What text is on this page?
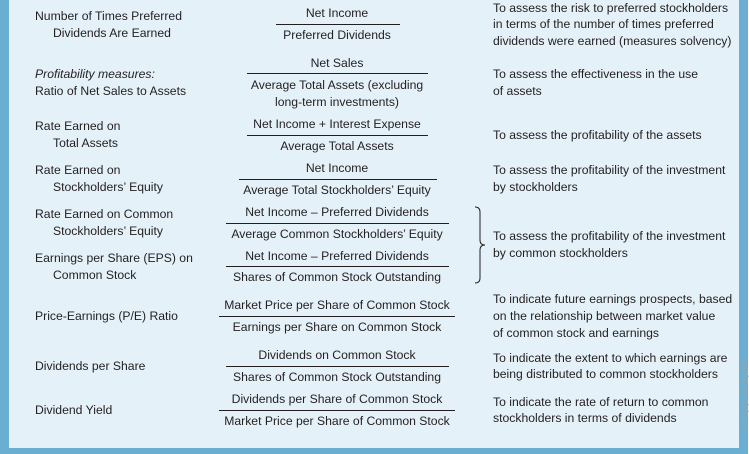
Number of Times Preferred
Dividends Are Earned
Net Income
Preferred Dividends
To assess the risk to preferred stockholders
in terms of the number of times preferred
dividends were earned (measures solvency)
Profitability measures:
Ratio of Net Sales to Assets
Net Sales
Average Total Assets (excluding
long-term investments)
To assess the effectiveness in the use
of assets
Rate Earned on
Total Assets
Net Income + Interest Expense
Average Total Assets
To assess the profitability of the assets
Rate Earned on
Stockholders’ Equity
Net Income
Average Total Stockholders’ Equity
To assess the profitability of the investment
by stockholders
Rate Earned on Common
Stockholders’ Equity
Net Income – Preferred Dividends
Average Common Stockholders’ Equity
Earnings per Share (EPS) on
Common Stock
Net Income – Preferred Dividends
Shares of Common Stock Outstanding
To assess the profitability of the investment
by common stockholders
Price-Earnings (P/E) Ratio
Market Price per Share of Common Stock
Earnings per Share on Common Stock
To indicate future earnings prospects, based
on the relationship between market value
of common stock and earnings
Dividends per Share
Dividends on Common Stock
Shares of Common Stock Outstanding
To indicate the extent to which earnings are
being distributed to common stockholders
Dividend Yield
Dividends per Share of Common Stock
Market Price per Share of Common Stock
To indicate the rate of return to common
stockholders in terms of dividends	© Cengage Learning 2014
